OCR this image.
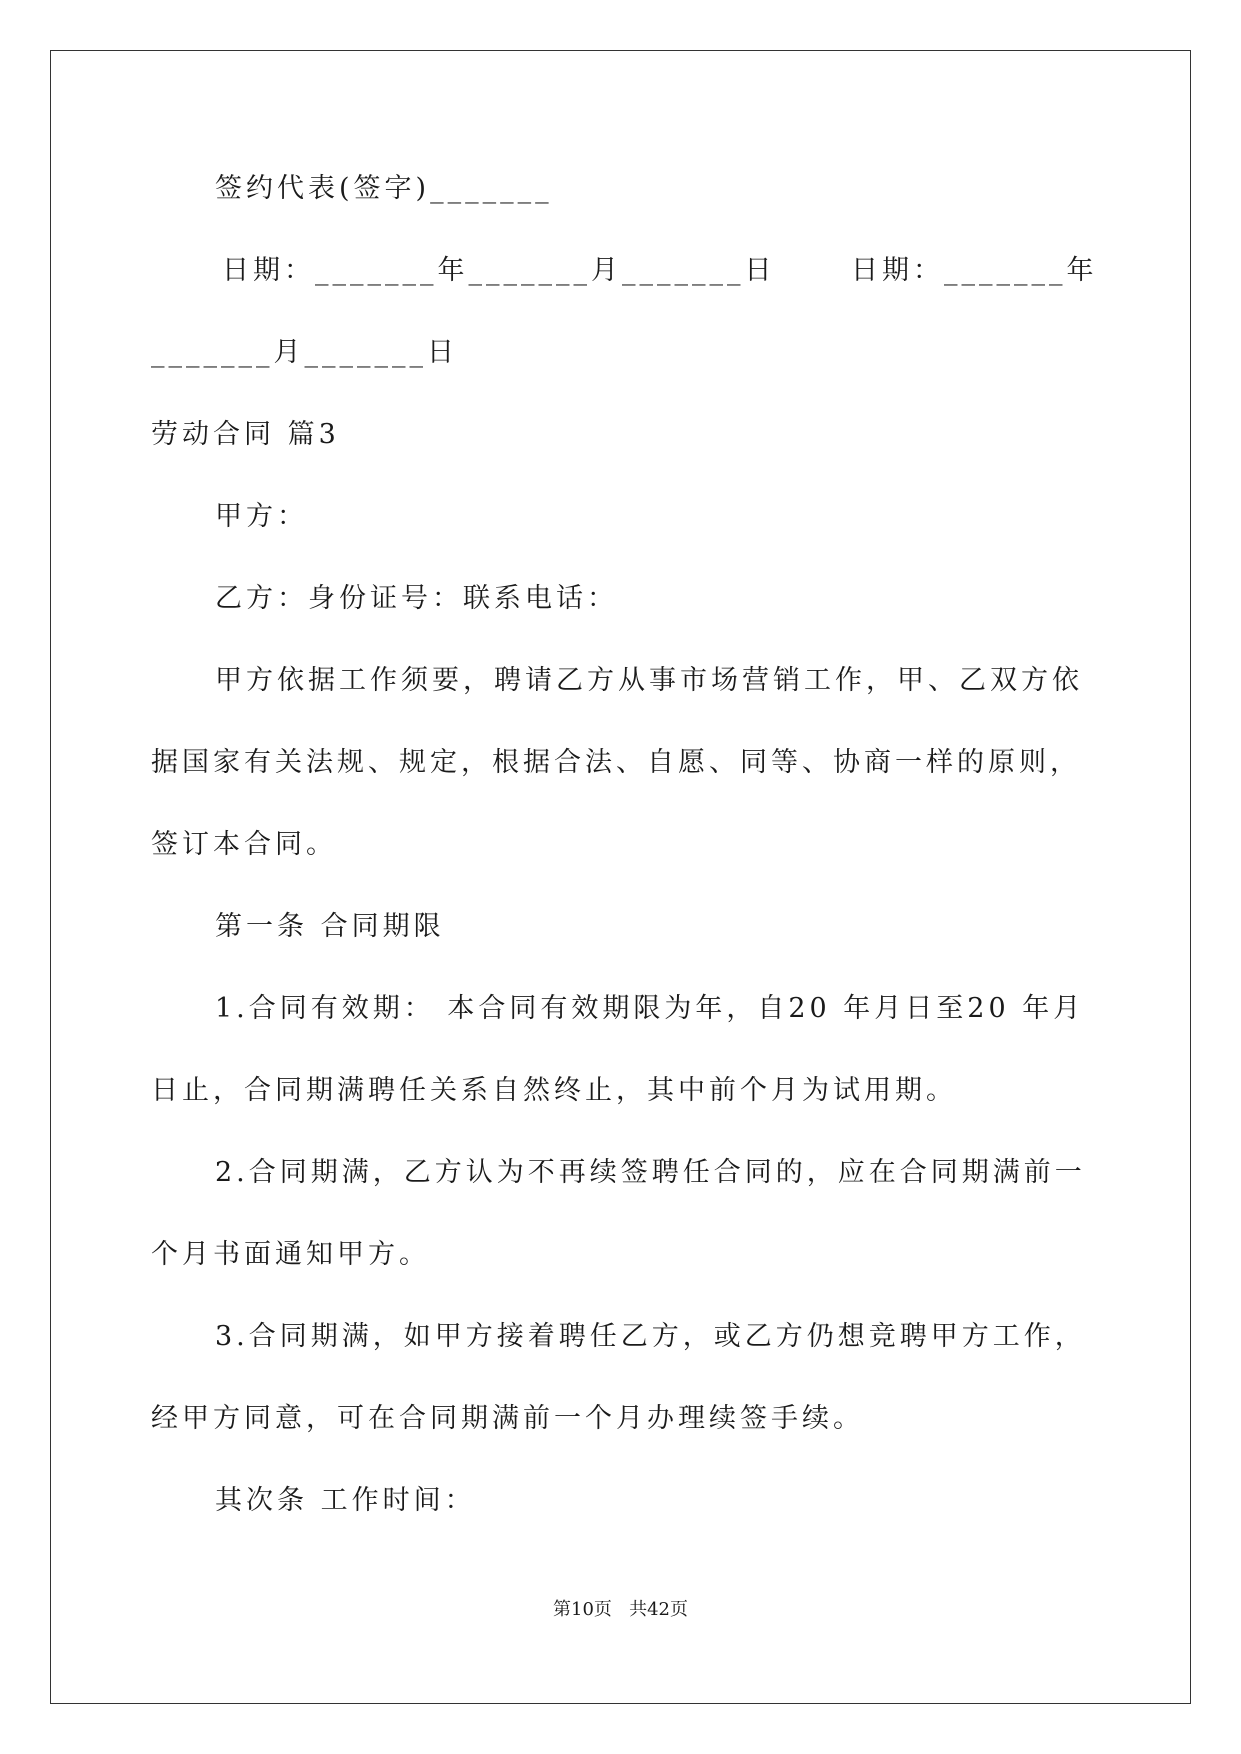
签约代表(签字)_______
日期：_______年_______月_______日      日期：_______年
_______月_______日
劳动合同 篇3
甲方：
乙方：身份证号：联系电话：
甲方依据工作须要，聘请乙方从事市场营销工作，甲、乙双方依
据国家有关法规、规定，根据合法、自愿、同等、协商一样的原则，
签订本合同。
第一条 合同期限
1.合同有效期： 本合同有效期限为年，自20 年月日至20 年月
日止，合同期满聘任关系自然终止，其中前个月为试用期。
2.合同期满，乙方认为不再续签聘任合同的，应在合同期满前一
个月书面通知甲方。
3.合同期满，如甲方接着聘任乙方，或乙方仍想竞聘甲方工作，
经甲方同意，可在合同期满前一个月办理续签手续。
其次条 工作时间：
第10页   共42页
